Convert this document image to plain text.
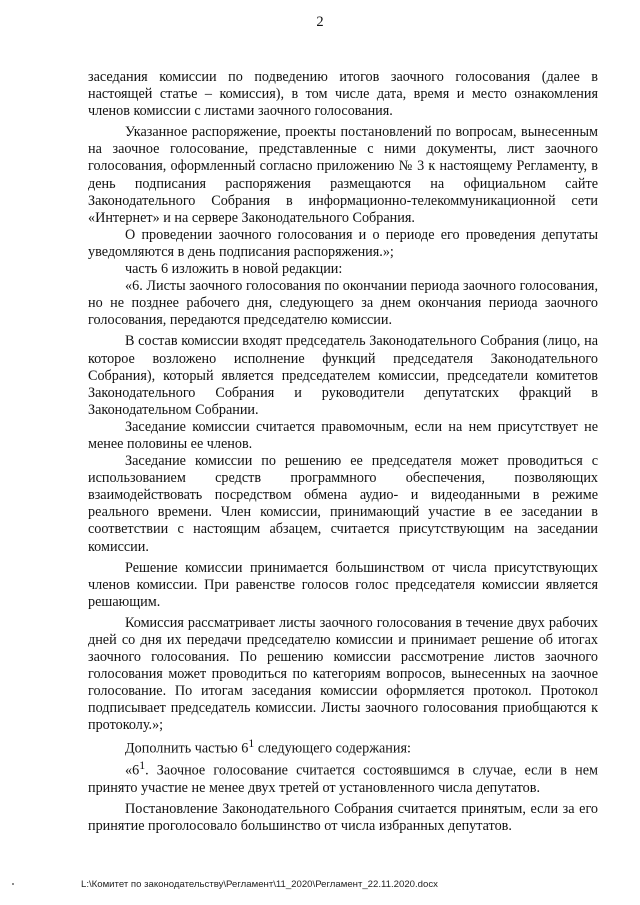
2

заседания комиссии по подведению итогов заочного голосования (далее в настоящей статье – комиссия), в том числе дата, время и место ознакомления членов комиссии с листами заочного голосования.

Указанное распоряжение, проекты постановлений по вопросам, вынесенным на заочное голосование, представленные с ними документы, лист заочного голосования, оформленный согласно приложению № 3 к настоящему Регламенту, в день подписания распоряжения размещаются на официальном сайте Законодательного Собрания в информационно-телекоммуникационной сети «Интернет» и на сервере Законодательного Собрания.

О проведении заочного голосования и о периоде его проведения депутаты уведомляются в день подписания распоряжения.»;

часть 6 изложить в новой редакции:

«6. Листы заочного голосования по окончании периода заочного голосования, но не позднее рабочего дня, следующего за днем окончания периода заочного голосования, передаются председателю комиссии.

В состав комиссии входят председатель Законодательного Собрания (лицо, на которое возложено исполнение функций председателя Законодательного Собрания), который является председателем комиссии, председатели комитетов Законодательного Собрания и руководители депутатских фракций в Законодательном Собрании.

Заседание комиссии считается правомочным, если на нем присутствует не менее половины ее членов.

Заседание комиссии по решению ее председателя может проводиться с использованием средств программного обеспечения, позволяющих взаимодействовать посредством обмена аудио- и видеоданными в режиме реального времени. Член комиссии, принимающий участие в ее заседании в соответствии с настоящим абзацем, считается присутствующим на заседании комиссии.

Решение комиссии принимается большинством от числа присутствующих членов комиссии. При равенстве голосов голос председателя комиссии является решающим.

Комиссия рассматривает листы заочного голосования в течение двух рабочих дней со дня их передачи председателю комиссии и принимает решение об итогах заочного голосования. По решению комиссии рассмотрение листов заочного голосования может проводиться по категориям вопросов, вынесенных на заочное голосование. По итогам заседания комиссии оформляется протокол. Протокол подписывает председатель комиссии. Листы заочного голосования приобщаются к протоколу.»;

Дополнить частью $6^1$ следующего содержания:

«$6^1$. Заочное голосование считается состоявшимся в случае, если в нем принято участие не менее двух третей от установленного числа депутатов.

Постановление Законодательного Собрания считается принятым, если за его принятие проголосовало большинство от числа избранных депутатов.

L:\Комитет по законодательству\Регламент\11_2020\Регламент_22.11.2020.docx
